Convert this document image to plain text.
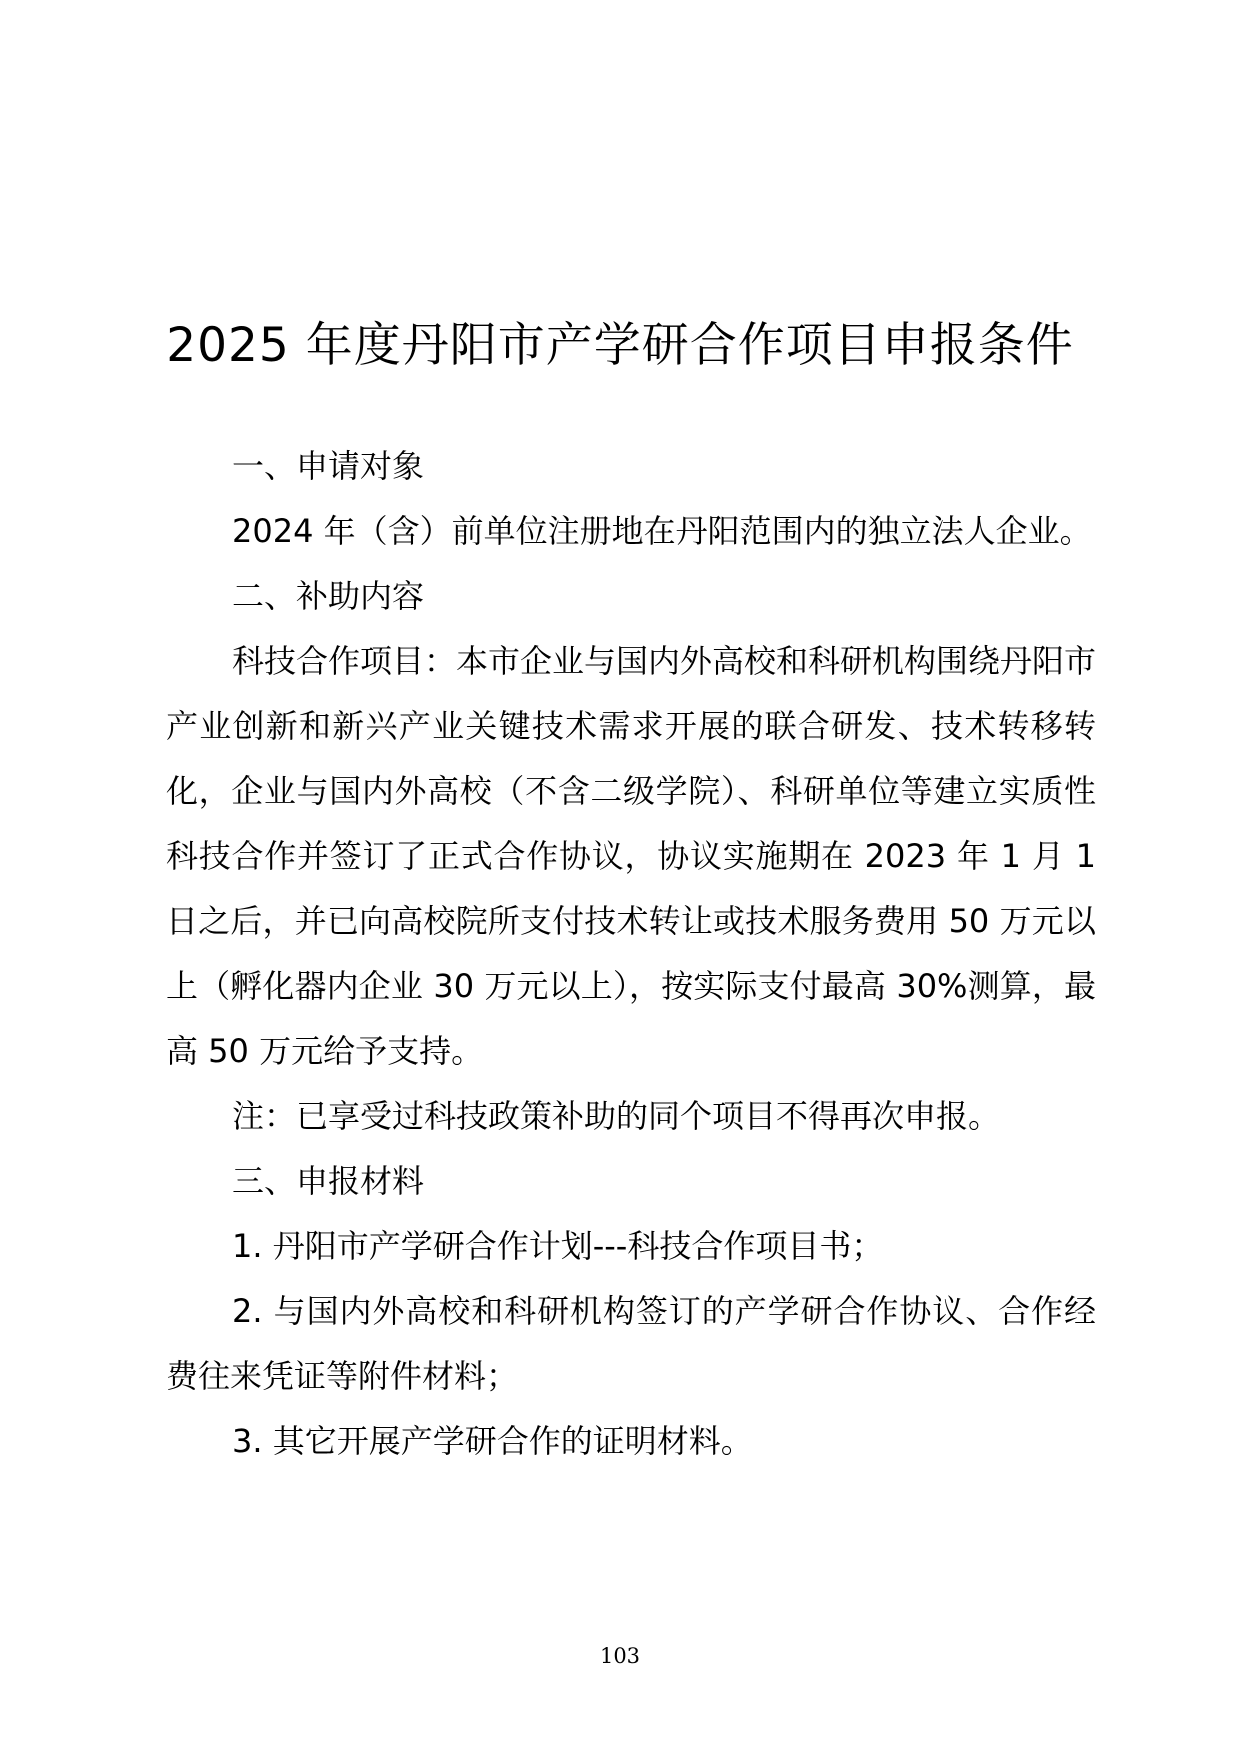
2025 年度丹阳市产学研合作项目申报条件

一、申请对象

2024 年（含）前单位注册地在丹阳范围内的独立法人企业。

二、补助内容

科技合作项目：本市企业与国内外高校和科研机构围绕丹阳市产业创新和新兴产业关键技术需求开展的联合研发、技术转移转化，企业与国内外高校（不含二级学院）、科研单位等建立实质性科技合作并签订了正式合作协议，协议实施期在 2023 年 1 月 1 日之后，并已向高校院所支付技术转让或技术服务费用 50 万元以上（孵化器内企业 30 万元以上），按实际支付最高 30%测算，最高 50 万元给予支持。

注：已享受过科技政策补助的同个项目不得再次申报。

三、申报材料

1. 丹阳市产学研合作计划---科技合作项目书；

2. 与国内外高校和科研机构签订的产学研合作协议、合作经费往来凭证等附件材料；

3. 其它开展产学研合作的证明材料。

103
